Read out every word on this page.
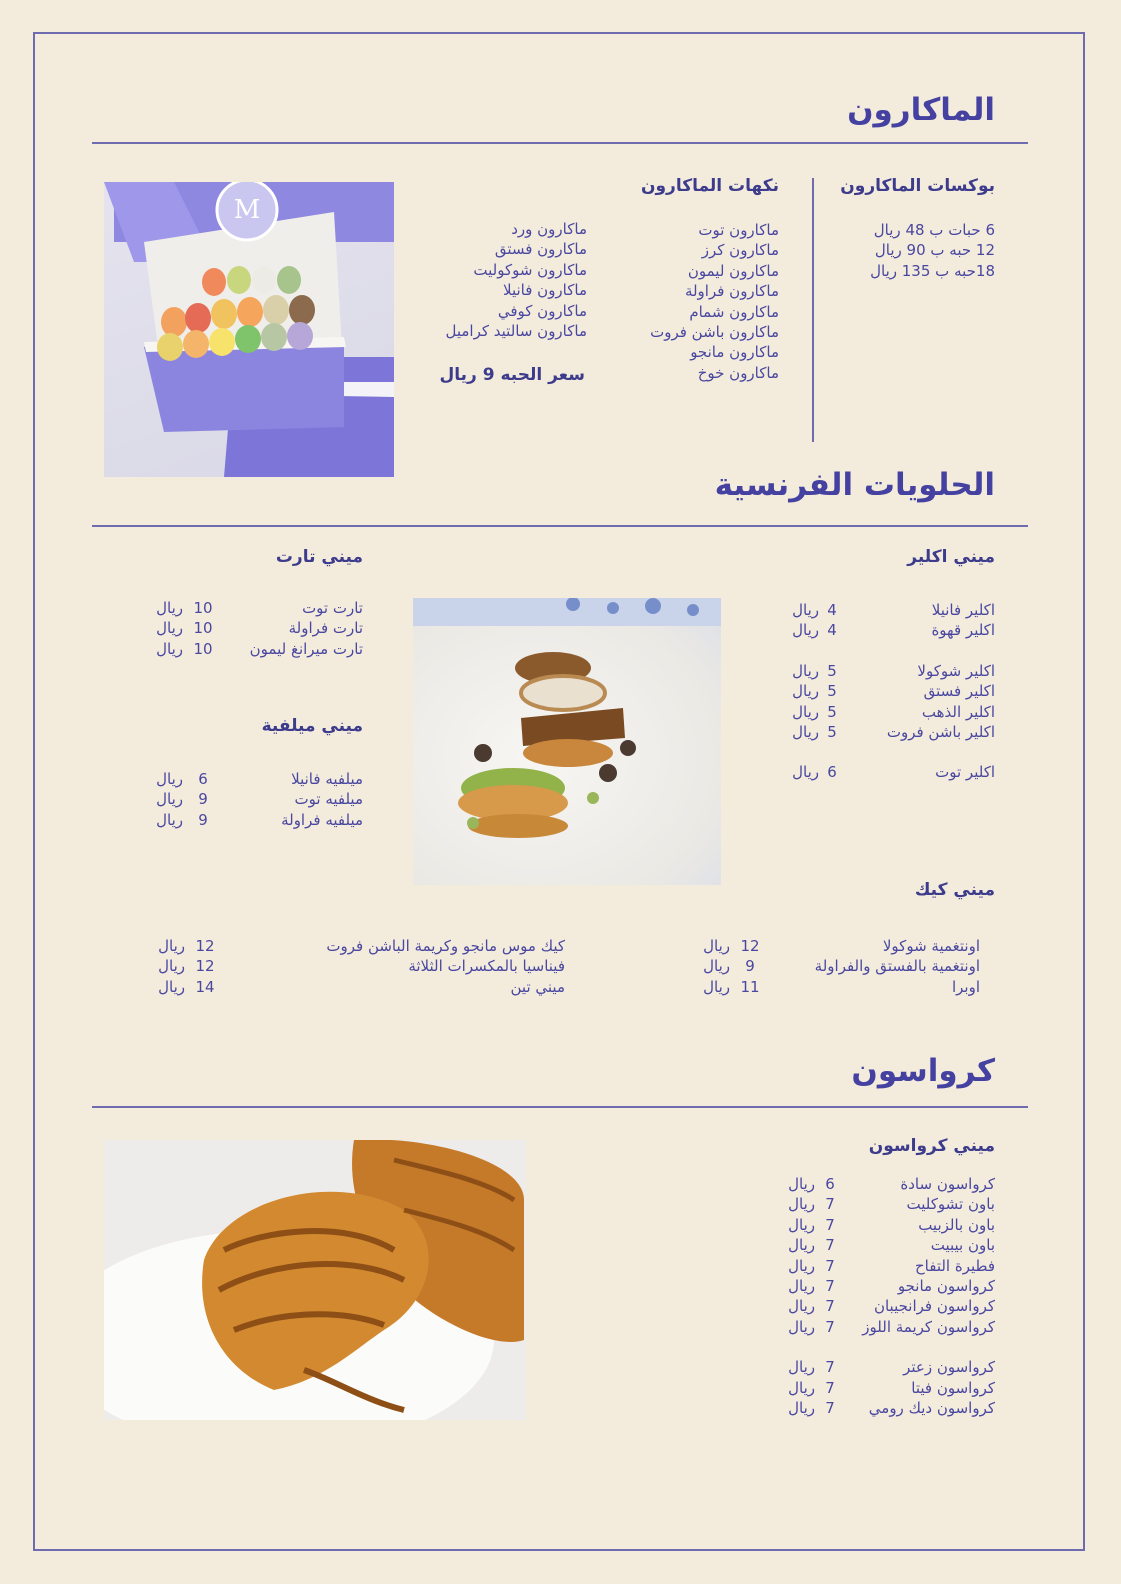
الماكارون
بوكسات الماكارون
6 حبات ب 48 ريال
12 حبه ب 90 ريال
18حبه ب 135 ريال
نكهات الماكارون
ماكارون توت
ماكارون كرز
ماكارون ليمون
ماكارون فراولة
ماكارون شمام
ماكارون باشن فروت
ماكارون مانجو
ماكارون خوخ
ماكارون ورد
ماكارون فستق
ماكارون شوكوليت
ماكارون فانيلا
ماكارون كوفي
ماكارون سالتيد كراميل
سعر الحبه 9 ريال
M
الحلويات الفرنسية
ميني اكلير
اكلير فانيلا
4
ريال
اكلير قهوة
4
ريال
اكلير شوكولا
5
ريال
اكلير فستق
5
ريال
اكلير الذهب
5
ريال
اكلير باشن فروت
5
ريال
اكلير توت
6
ريال
ميني تارت
تارت توت
10
ريال
تارت فراولة
10
ريال
تارت ميرانغ ليمون
10
ريال
ميني ميلفية
ميلفيه فانيلا
6
ريال
ميلفيه توت
9
ريال
ميلفيه فراولة
9
ريال
ميني كيك
اونتغمية شوكولا
12
ريال
اونتغمية بالفستق والفراولة
9
ريال
اوبرا
11
ريال
كيك موس مانجو وكريمة الباشن فروت
12
ريال
فيناسيا بالمكسرات الثلاثة
12
ريال
ميني تين
14
ريال
كرواسون
ميني كرواسون
كرواسون سادة
6
ريال
باون تشوكليت
7
ريال
باون بالزبيب
7
ريال
باون بيبيت
7
ريال
فطيرة التفاح
7
ريال
كرواسون مانجو
7
ريال
كرواسون فرانجيبان
7
ريال
كرواسون كريمة اللوز
7
ريال
كرواسون زعتر
7
ريال
كرواسون فيتا
7
ريال
كرواسون ديك رومي
7
ريال
